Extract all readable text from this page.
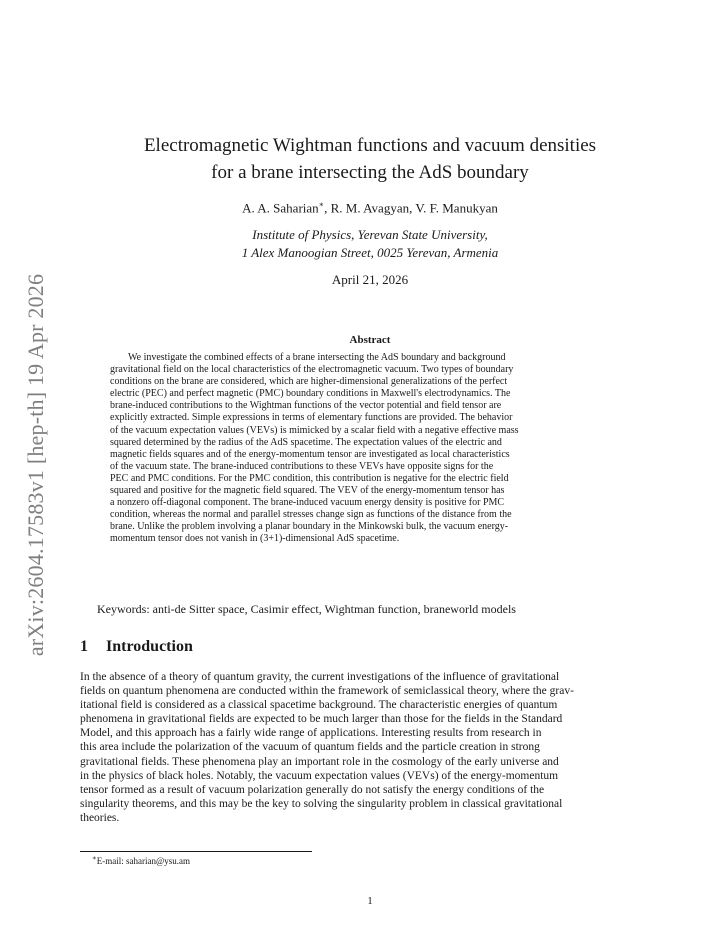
arXiv:2604.17583v1 [hep-th] 19 Apr 2026
Electromagnetic Wightman functions and vacuum densities
for a brane intersecting the AdS boundary
A. A. Saharian∗, R. M. Avagyan, V. F. Manukyan
Institute of Physics, Yerevan State University,
1 Alex Manoogian Street, 0025 Yerevan, Armenia
April 21, 2026
Abstract
We investigate the combined effects of a brane intersecting the AdS boundary and background
gravitational field on the local characteristics of the electromagnetic vacuum. Two types of boundary
conditions on the brane are considered, which are higher-dimensional generalizations of the perfect
electric (PEC) and perfect magnetic (PMC) boundary conditions in Maxwell's electrodynamics. The
brane-induced contributions to the Wightman functions of the vector potential and field tensor are
explicitly extracted. Simple expressions in terms of elementary functions are provided. The behavior
of the vacuum expectation values (VEVs) is mimicked by a scalar field with a negative effective mass
squared determined by the radius of the AdS spacetime. The expectation values of the electric and
magnetic fields squares and of the energy-momentum tensor are investigated as local characteristics
of the vacuum state. The brane-induced contributions to these VEVs have opposite signs for the
PEC and PMC conditions. For the PMC condition, this contribution is negative for the electric field
squared and positive for the magnetic field squared. The VEV of the energy-momentum tensor has
a nonzero off-diagonal component. The brane-induced vacuum energy density is positive for PMC
condition, whereas the normal and parallel stresses change sign as functions of the distance from the
brane. Unlike the problem involving a planar boundary in the Minkowski bulk, the vacuum energy-
momentum tensor does not vanish in (3+1)-dimensional AdS spacetime.
Keywords: anti-de Sitter space, Casimir effect, Wightman function, braneworld models
1 Introduction
In the absence of a theory of quantum gravity, the current investigations of the influence of gravitational
fields on quantum phenomena are conducted within the framework of semiclassical theory, where the grav-
itational field is considered as a classical spacetime background. The characteristic energies of quantum
phenomena in gravitational fields are expected to be much larger than those for the fields in the Standard
Model, and this approach has a fairly wide range of applications. Interesting results from research in
this area include the polarization of the vacuum of quantum fields and the particle creation in strong
gravitational fields. These phenomena play an important role in the cosmology of the early universe and
in the physics of black holes. Notably, the vacuum expectation values (VEVs) of the energy-momentum
tensor formed as a result of vacuum polarization generally do not satisfy the energy conditions of the
singularity theorems, and this may be the key to solving the singularity problem in classical gravitational
theories.
∗E-mail: saharian@ysu.am
1
